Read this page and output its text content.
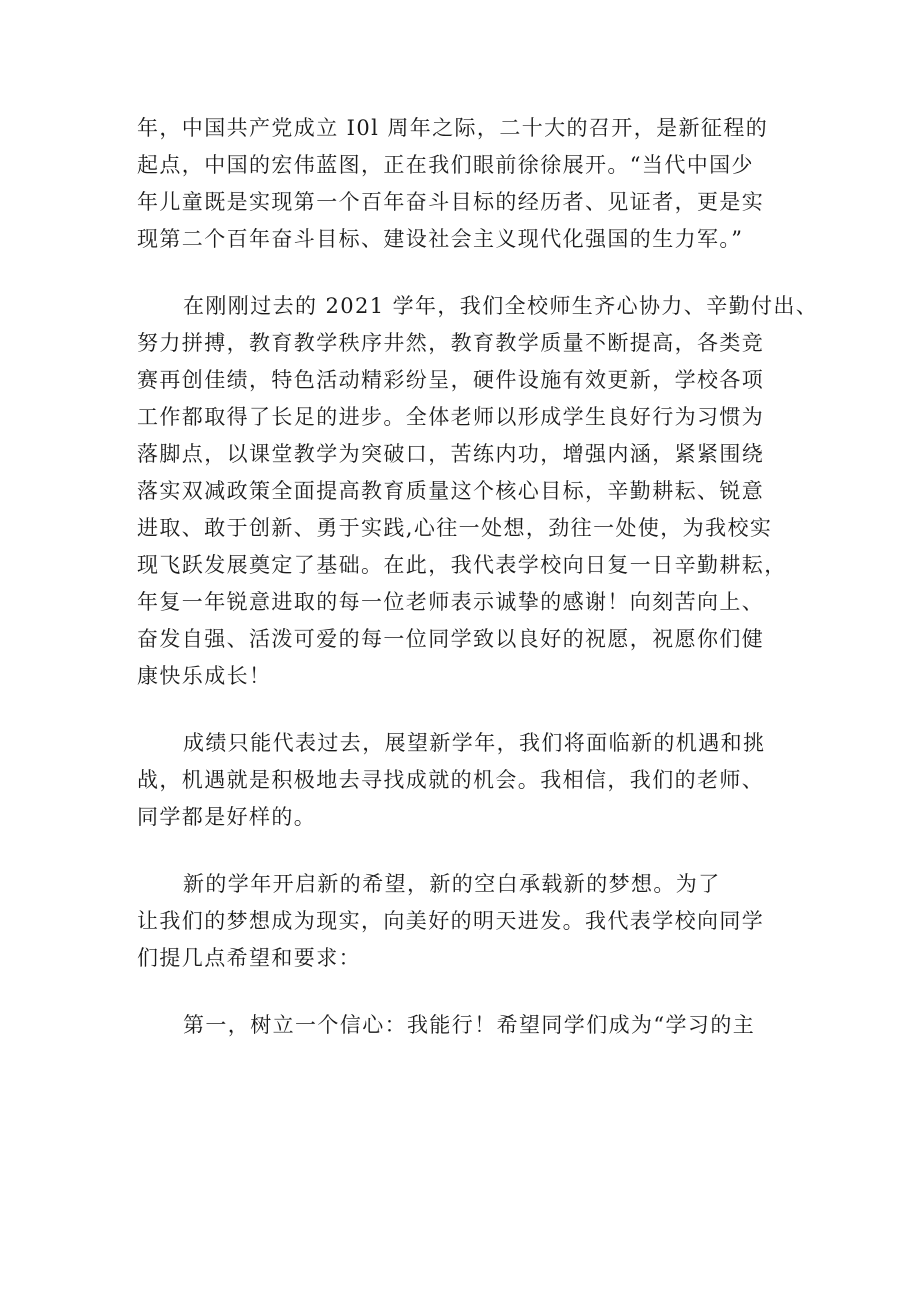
年，中国共产党成立 I0l 周年之际，二十大的召开，是新征程的
起点，中国的宏伟蓝图，正在我们眼前徐徐展开。“当代中国少
年儿童既是实现第一个百年奋斗目标的经历者、见证者，更是实
现第二个百年奋斗目标、建设社会主义现代化强国的生力军。”
在刚刚过去的 2021 学年，我们全校师生齐心协力、辛勤付出、
努力拼搏，教育教学秩序井然，教育教学质量不断提高，各类竞
赛再创佳绩，特色活动精彩纷呈，硬件设施有效更新，学校各项
工作都取得了长足的进步。全体老师以形成学生良好行为习惯为
落脚点，以课堂教学为突破口，苦练内功，增强内涵，紧紧围绕
落实双减政策全面提高教育质量这个核心目标，辛勤耕耘、锐意
进取、敢于创新、勇于实践,心往一处想，劲往一处使，为我校实
现飞跃发展奠定了基础。在此，我代表学校向日复一日辛勤耕耘，
年复一年锐意进取的每一位老师表示诚挚的感谢！向刻苦向上、
奋发自强、活泼可爱的每一位同学致以良好的祝愿，祝愿你们健
康快乐成长！
成绩只能代表过去，展望新学年，我们将面临新的机遇和挑
战，机遇就是积极地去寻找成就的机会。我相信，我们的老师、
同学都是好样的。
新的学年开启新的希望，新的空白承载新的梦想。为了
让我们的梦想成为现实，向美好的明天进发。我代表学校向同学
们提几点希望和要求：
第一，树立一个信心：我能行！希望同学们成为“学习的主
